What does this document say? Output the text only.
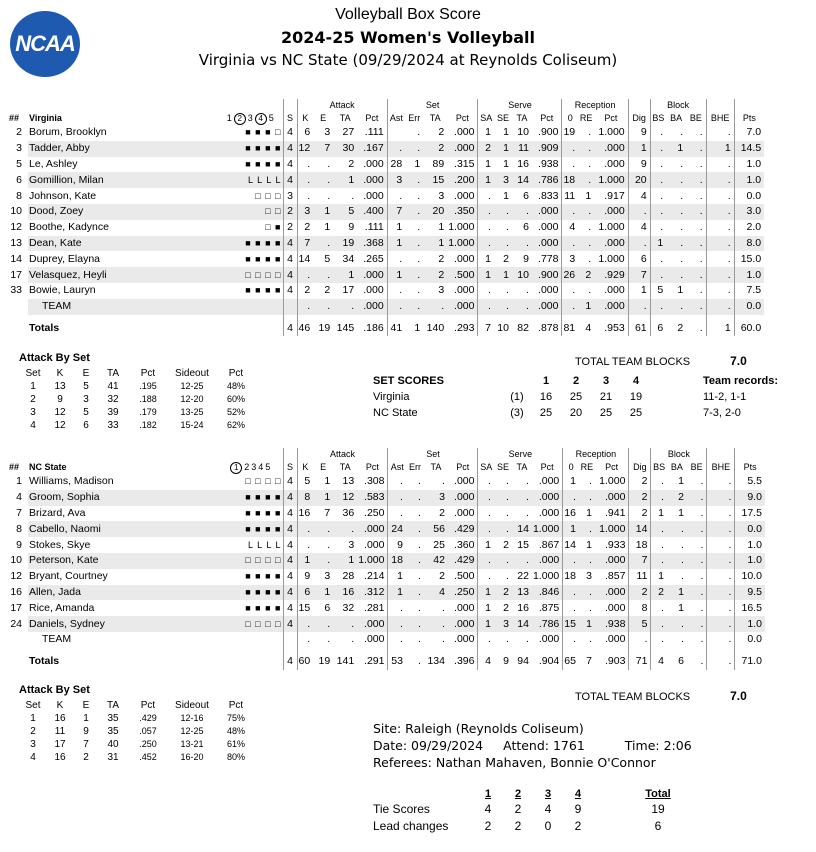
NCAA
Volleyball Box Score
2024-25 Women's Volleyball
Virginia vs NC State (09/29/2024 at Reynolds Coliseum)
				Attack				Set				Serve				Reception				Block				
##	Virginia	1 2 3 4 5	S	K	E	TA	Pct	Ast	Err	TA	Pct	SA	SE	TA	Pct	0	RE	Pct	Dig	BS	BA	BE	BHE	Pts
2	Borum, Brooklyn	■ ■ ■ □	4	6	3	27	.111		.	2	.000	1	1	10	.900	19	.	1.000	9	.	.	.	.	7.0
3	Tadder, Abby	■ ■ ■ ■	4	12	7	30	.167	.	.	2	.000	2	1	11	.909	.	.	.000	1	.	1	.	1	14.5
5	Le, Ashley	■ ■ ■ ■	4	.	.	2	.000	28	1	89	.315	1	1	16	.938	.	.	.000	9	.	.	.	.	1.0
6	Gomillion, Milan	L L L L	4	.	.	1	.000	3	.	15	.200	1	3	14	.786	18	.	1.000	20	.	.	.	.	1.0
8	Johnson, Kate	□ □ □	3	.	.	.	.000	.	.	3	.000	.	1	6	.833	11	1	.917	4	.	.	.	.	0.0
10	Dood, Zoey	□ □	2	3	1	5	.400	7	.	20	.350	.	.	.	.000	.	.	.000	.	.	.	.	.	3.0
12	Boothe, Kadynce	□ ■	2	2	1	9	.111	1	.	1	1.000	.	.	6	.000	4	.	1.000	4	.	.	.	.	2.0
13	Dean, Kate	■ ■ ■ ■	4	7	.	19	.368	1	.	1	1.000	.	.	.	.000	.	.	.000	.	1	.	.	.	8.0
14	Duprey, Elayna	■ ■ ■ ■	4	14	5	34	.265	.	.	2	.000	1	2	9	.778	3	.	1.000	6	.	.	.	.	15.0
17	Velasquez, Heyli	□ □ □ □	4	.	.	1	.000	1	.	2	.500	1	1	10	.900	26	2	.929	7	.	.	.	.	1.0
33	Bowie, Lauryn	■ ■ ■ ■	4	2	2	17	.000	.	.	3	.000	.	.	.	.000	.	.	.000	1	5	1	.	.	7.5
	TEAM			.	.	.	.000	.	.	.	.000	.	.	.	.000	.	1	.000	.	.	.	.	.	0.0
	Totals		4	46	19	145	.186	41	1	140	.293	7	10	82	.878	81	4	.953	61	6	2	.	1	60.0
				Attack				Set				Serve				Reception				Block				
##	NC State	1 2 3 4 5	S	K	E	TA	Pct	Ast	Err	TA	Pct	SA	SE	TA	Pct	0	RE	Pct	Dig	BS	BA	BE	BHE	Pts
1	Williams, Madison	□ □ □ □	4	5	1	13	.308	.	.	.	.000	.	.	.	.000	1	.	1.000	2	.	1	.	.	5.5
4	Groom, Sophia	■ ■ ■ ■	4	8	1	12	.583	.	.	3	.000	.	.	.	.000	.	.	.000	2	.	2	.	.	9.0
7	Brizard, Ava	■ ■ ■ ■	4	16	7	36	.250	.	.	2	.000	.	.	.	.000	16	1	.941	2	1	1	.	.	17.5
8	Cabello, Naomi	■ ■ ■ ■	4	.	.	.	.000	24	.	56	.429	.	.	14	1.000	1	.	1.000	14	.	.	.	.	0.0
9	Stokes, Skye	L L L L	4	.	.	3	.000	9	.	25	.360	1	2	15	.867	14	1	.933	18	.	.	.	.	1.0
10	Peterson, Kate	□ □ □ □	4	1	.	1	1.000	18	.	42	.429	.	.	.	.000	.	.	.000	7	.	.	.	.	1.0
12	Bryant, Courtney	■ ■ ■ ■	4	9	3	28	.214	1	.	2	.500	.	.	22	1.000	18	3	.857	11	1	.	.	.	10.0
16	Allen, Jada	■ ■ ■ ■	4	6	1	16	.312	1	.	4	.250	1	2	13	.846	.	.	.000	2	2	1	.	.	9.5
17	Rice, Amanda	■ ■ ■ ■	4	15	6	32	.281	.	.	.	.000	1	2	16	.875	.	.	.000	8	.	1	.	.	16.5
24	Daniels, Sydney	□ □ □ □	4	.	.	.	.000	.	.	.	.000	1	3	14	.786	15	1	.938	5	.	.	.	.	1.0
	TEAM			.	.	.	.000	.	.	.	.000	.	.	.	.000	.	.	.000	.	.	.	.	.	0.0
	Totals		4	60	19	141	.291	53	.	134	.396	4	9	94	.904	65	7	.903	71	4	6	.	.	71.0
Attack By Set
Set	K	E	TA	Pct	Sideout	Pct
1	13	5	41	.195	12-25	48%
2	9	3	32	.188	12-20	60%
3	12	5	39	.179	13-25	52%
4	12	6	33	.182	15-24	62%
TOTAL TEAM BLOCKS	7.0
SET SCORES		1	2	3	4		Team records:
Virginia	(1)	16	25	21	19		11-2, 1-1
NC State	(3)	25	20	25	25		7-3, 2-0
Attack By Set
Set	K	E	TA	Pct	Sideout	Pct
1	16	1	35	.429	12-16	75%
2	11	9	35	.057	12-25	48%
3	17	7	40	.250	13-21	61%
4	16	2	31	.452	16-20	80%
TOTAL TEAM BLOCKS	7.0
Site: Raleigh (Reynolds Coliseum)
Date: 09/29/2024 Attend: 1761	Time: 2:06
Referees: Nathan Mahaven, Bonnie O'Connor
	1	2	3	4		Total
Tie Scores	4	2	4	9		19
Lead changes	2	2	0	2		6
